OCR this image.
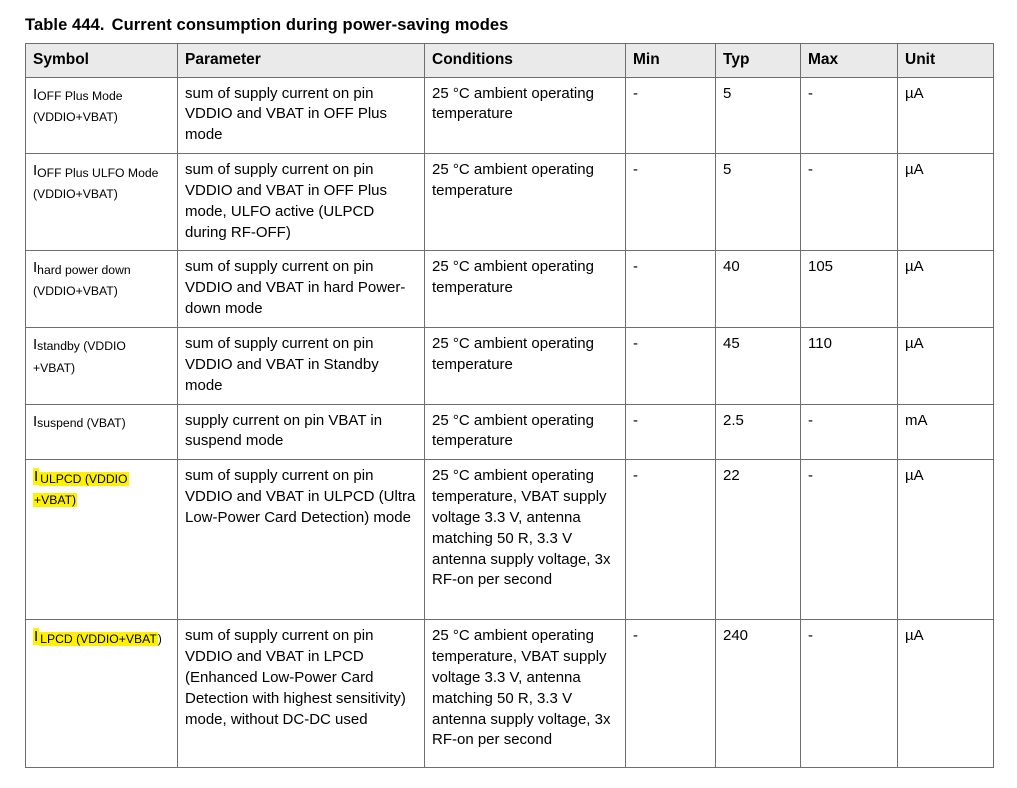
Table 444. Current consumption during power-saving modes
Symbol	Parameter	Conditions	Min	Typ	Max	Unit

IOFF Plus Mode
(VDDIO+VBAT)	sum of supply current on pin VDDIO and VBAT in OFF Plus mode	25 °C ambient operating temperature	-	5	-	µA

IOFF Plus ULFO Mode
(VDDIO+VBAT)	sum of supply current on pin VDDIO and VBAT in OFF Plus mode, ULFO active (ULPCD during RF-OFF)	25 °C ambient operating temperature	-	5	-	µA

Ihard power down
(VDDIO+VBAT)	sum of supply current on pin VDDIO and VBAT in hard Power-down mode	25 °C ambient operating temperature	-	40	105	µA

Istandby (VDDIO
+VBAT)	sum of supply current on pin VDDIO and VBAT in Standby mode	25 °C ambient operating temperature	-	45	110	µA

Isuspend (VBAT)	supply current on pin VBAT in suspend mode	25 °C ambient operating temperature	-	2.5	-	mA

I ULPCD (VDDIO
+VBAT)	sum of supply current on pin VDDIO and VBAT in ULPCD (Ultra Low-Power Card Detection) mode	25 °C ambient operating temperature, VBAT supply voltage 3.3 V, antenna matching 50 R, 3.3 V antenna supply voltage, 3x RF-on per second	-	22	-	µA

I LPCD (VDDIO+VBAT)	sum of supply current on pin VDDIO and VBAT in LPCD (Enhanced Low-Power Card Detection with highest sensitivity) mode, without DC-DC used	25 °C ambient operating temperature, VBAT supply voltage 3.3 V, antenna matching 50 R, 3.3 V antenna supply voltage, 3x RF-on per second	-	240	-	µA
